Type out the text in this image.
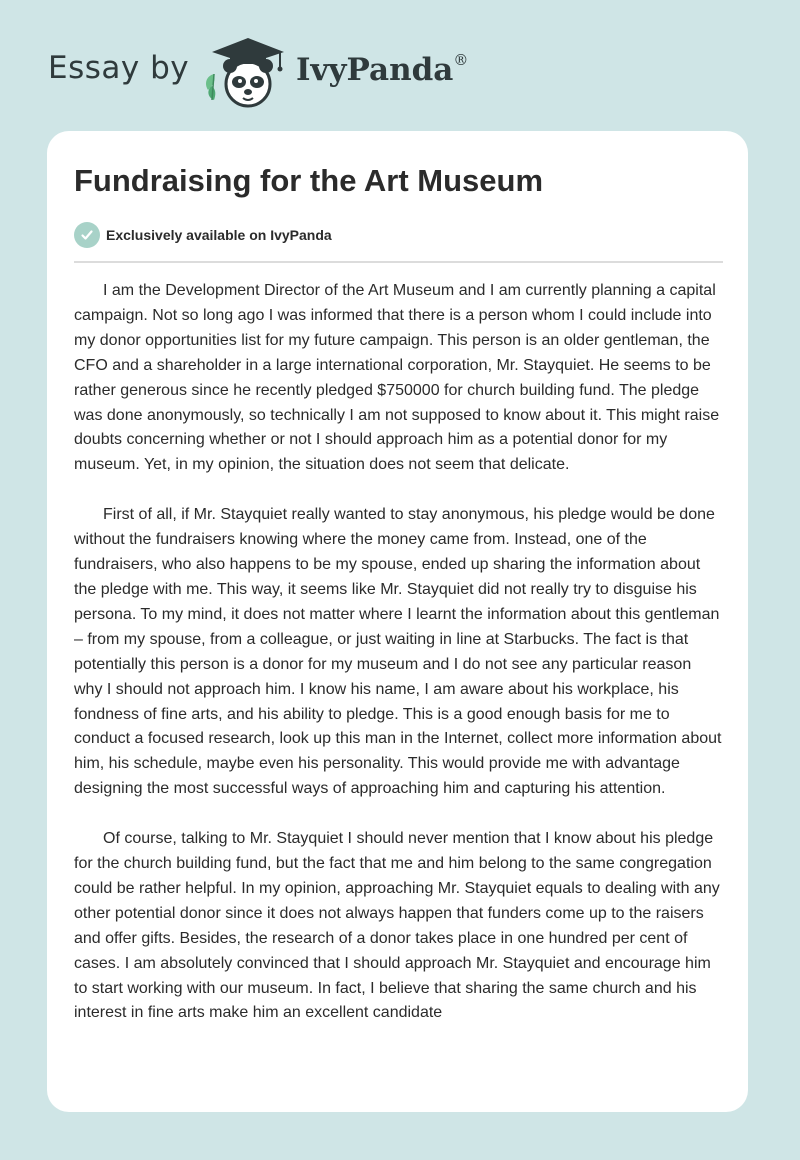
Essay by	IvyPanda®
Fundraising for the Art Museum
Exclusively available on IvyPanda

I am the Development Director of the Art Museum and I am currently planning a capital campaign. Not so long ago I was informed that there is a person whom I could include into my donor opportunities list for my future campaign. This person is an older gentleman, the CFO and a shareholder in a large international corporation, Mr. Stayquiet. He seems to be rather generous since he recently pledged $750000 for church building fund. The pledge was done anonymously, so technically I am not supposed to know about it. This might raise doubts concerning whether or not I should approach him as a potential donor for my museum. Yet, in my opinion, the situation does not seem that delicate.

First of all, if Mr. Stayquiet really wanted to stay anonymous, his pledge would be done without the fundraisers knowing where the money came from. Instead, one of the fundraisers, who also happens to be my spouse, ended up sharing the information about the pledge with me. This way, it seems like Mr. Stayquiet did not really try to disguise his persona. To my mind, it does not matter where I learnt the information about this gentleman – from my spouse, from a colleague, or just waiting in line at Starbucks. The fact is that potentially this person is a donor for my museum and I do not see any particular reason why I should not approach him. I know his name, I am aware about his workplace, his fondness of fine arts, and his ability to pledge. This is a good enough basis for me to conduct a focused research, look up this man in the Internet, collect more information about him, his schedule, maybe even his personality. This would provide me with advantage designing the most successful ways of approaching him and capturing his attention.

Of course, talking to Mr. Stayquiet I should never mention that I know about his pledge for the church building fund, but the fact that me and him belong to the same congregation could be rather helpful. In my opinion, approaching Mr. Stayquiet equals to dealing with any other potential donor since it does not always happen that funders come up to the raisers and offer gifts. Besides, the research of a donor takes place in one hundred per cent of cases. I am absolutely convinced that I should approach Mr. Stayquiet and encourage him to start working with our museum. In fact, I believe that sharing the same church and his interest in fine arts make him an excellent candidate
